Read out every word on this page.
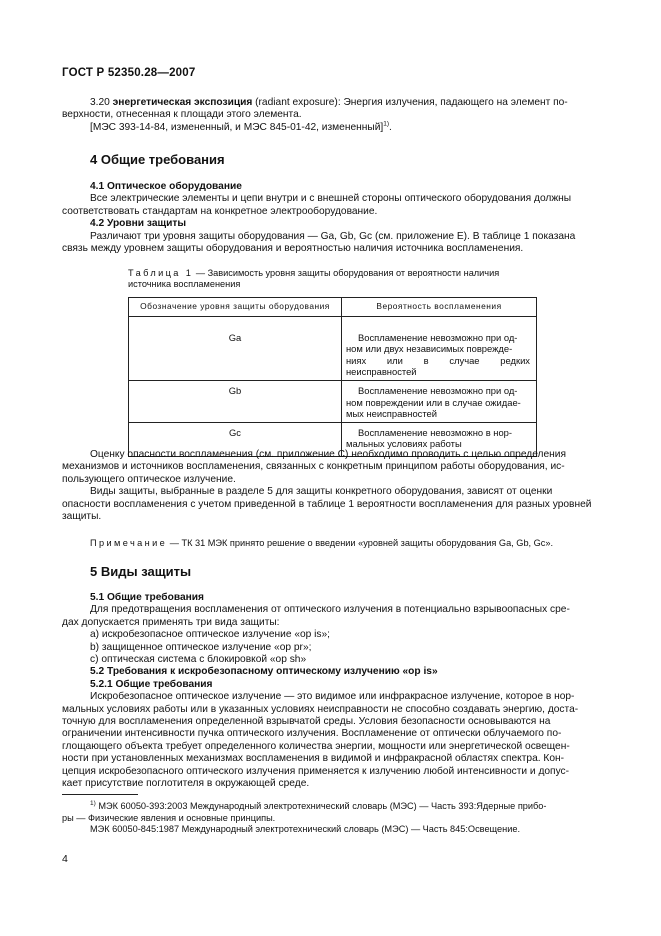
ГОСТ Р 52350.28—2007

3.20 энергетическая экспозиция (radiant exposure): Энергия излучения, падающего на элемент по-

верхности, отнесенная к площади этого элемента.

[МЭС 393-14-84, измененный, и МЭС 845-01-42, измененный]$^{1)}$.

4 Общие требования

4.1 Оптическое оборудование

Все электрические элементы и цепи внутри и с внешней стороны оптического оборудования должны

соответствовать стандартам на конкретное электрооборудование.

4.2 Уровни защиты

Различают три уровня защиты оборудования — Ga, Gb, Gc (см. приложение Е). В таблице 1 показана

связь между уровнем защиты оборудования и вероятностью наличия источника воспламенения.

Таблица 1 — Зависимость уровня защиты оборудования от вероятности наличия

источника воспламенения

Обозначение уровня защиты оборудования	Вероятность воспламенения

Ga	Воспламенение невозможно при од-
ном или двух независимых поврежде-
ниях или в случае редких неисправностей

Gb	Воспламенение невозможно при од-
ном повреждении или в случае ожидае-
мых неисправностей

Gc	Воспламенение невозможно в нор-
мальных условиях работы

Оценку опасности воспламенения (см. приложение С) необходимо проводить с целью определения

механизмов и источников воспламенения, связанных с конкретным принципом работы оборудования, ис-

пользующего оптическое излучение.

Виды защиты, выбранные в разделе 5 для защиты конкретного оборудования, зависят от оценки

опасности воспламенения с учетом приведенной в таблице 1 вероятности воспламенения для разных уровней

защиты.

Примечание — ТК 31 МЭК принято решение о введении «уровней защиты оборудования Ga, Gb, Gc».

5 Виды защиты

5.1 Общие требования

Для предотвращения воспламенения от оптического излучения в потенциально взрывоопасных сре-

дах допускается применять три вида защиты:

а) искробезопасное оптическое излучение «ор is»;

b) защищенное оптическое излучение «ор pr»;

с) оптическая система с блокировкой «ор sh»

5.2 Требования к искробезопасному оптическому излучению «ор is»

5.2.1 Общие требования

Искробезопасное оптическое излучение — это видимое или инфракрасное излучение, которое в нор-

мальных условиях работы или в указанных условиях неисправности не способно создавать энергию, доста-

точную для воспламенения определенной взрывчатой среды. Условия безопасности основываются на

ограничении интенсивности пучка оптического излучения. Воспламенение от оптически облучаемого по-

глощающего объекта требует определенного количества энергии, мощности или энергетической освещен-

ности при установленных механизмах воспламенения в видимой и инфракрасной областях спектра. Кон-

цепция искробезопасного оптического излучения применяется к излучению любой интенсивности и допус-

кает присутствие поглотителя в окружающей среде.

$^{1)}$ МЭК 60050-393:2003 Международный электротехнический словарь (МЭС) — Часть 393:Ядерные прибо-

ры — Физические явления и основные принципы.

МЭК 60050-845:1987 Международный электротехнический словарь (МЭС) — Часть 845:Освещение.

4
